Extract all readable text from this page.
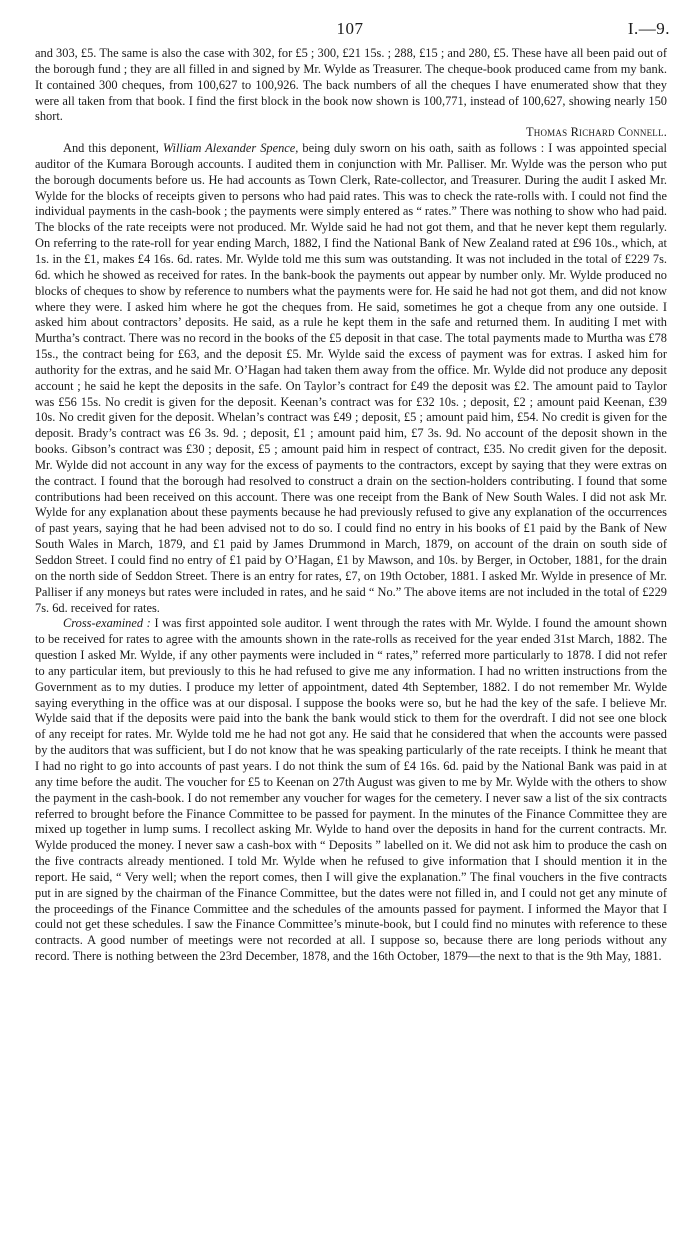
107	I.—9.

and 303, £5. The same is also the case with 302, for £5 ; 300, £21 15s. ; 288, £15 ; and 280, £5. These have all been paid out of the borough fund ; they are all filled in and signed by Mr. Wylde as Treasurer. The cheque-book produced came from my bank. It contained 300 cheques, from 100,627 to 100,926. The back numbers of all the cheques I have enumerated show that they were all taken from that book. I find the first block in the book now shown is 100,771, instead of 100,627, showing nearly 150 short.

Thomas Richard Connell.

And this deponent, William Alexander Spence, being duly sworn on his oath, saith as follows : I was appointed special auditor of the Kumara Borough accounts. I audited them in conjunction with Mr. Palliser. Mr. Wylde was the person who put the borough documents before us. He had accounts as Town Clerk, Rate-collector, and Treasurer. During the audit I asked Mr. Wylde for the blocks of receipts given to persons who had paid rates. This was to check the rate-rolls with. I could not find the individual payments in the cash-book ; the payments were simply entered as “ rates.” There was nothing to show who had paid. The blocks of the rate receipts were not produced. Mr. Wylde said he had not got them, and that he never kept them regularly. On referring to the rate-roll for year ending March, 1882, I find the National Bank of New Zealand rated at £96 10s., which, at 1s. in the £1, makes £4 16s. 6d. rates. Mr. Wylde told me this sum was outstanding. It was not included in the total of £229 7s. 6d. which he showed as received for rates. In the bank-book the payments out appear by number only. Mr. Wylde produced no blocks of cheques to show by reference to numbers what the payments were for. He said he had not got them, and did not know where they were. I asked him where he got the cheques from. He said, sometimes he got a cheque from any one outside. I asked him about contractors’ deposits. He said, as a rule he kept them in the safe and returned them. In auditing I met with Murtha’s contract. There was no record in the books of the £5 deposit in that case. The total payments made to Murtha was £78 15s., the contract being for £63, and the deposit £5. Mr. Wylde said the excess of payment was for extras. I asked him for authority for the extras, and he said Mr. O’Hagan had taken them away from the office. Mr. Wylde did not produce any deposit account ; he said he kept the deposits in the safe. On Taylor’s contract for £49 the deposit was £2. The amount paid to Taylor was £56 15s. No credit is given for the deposit. Keenan’s contract was for £32 10s. ; deposit, £2 ; amount paid Keenan, £39 10s. No credit given for the deposit. Whelan’s contract was £49 ; deposit, £5 ; amount paid him, £54. No credit is given for the deposit. Brady’s contract was £6 3s. 9d. ; deposit, £1 ; amount paid him, £7 3s. 9d. No account of the deposit shown in the books. Gibson’s contract was £30 ; deposit, £5 ; amount paid him in respect of contract, £35. No credit given for the deposit. Mr. Wylde did not account in any way for the excess of payments to the contractors, except by saying that they were extras on the contract. I found that the borough had resolved to construct a drain on the section-holders contributing. I found that some contributions had been received on this account. There was one receipt from the Bank of New South Wales. I did not ask Mr. Wylde for any explanation about these payments because he had previously refused to give any explanation of the occurrences of past years, saying that he had been advised not to do so. I could find no entry in his books of £1 paid by the Bank of New South Wales in March, 1879, and £1 paid by James Drummond in March, 1879, on account of the drain on south side of Seddon Street. I could find no entry of £1 paid by O’Hagan, £1 by Mawson, and 10s. by Berger, in October, 1881, for the drain on the north side of Seddon Street. There is an entry for rates, £7, on 19th October, 1881. I asked Mr. Wylde in presence of Mr. Palliser if any moneys but rates were included in rates, and he said “ No.” The above items are not included in the total of £229 7s. 6d. received for rates.

Cross-examined : I was first appointed sole auditor. I went through the rates with Mr. Wylde. I found the amount shown to be received for rates to agree with the amounts shown in the rate-rolls as received for the year ended 31st March, 1882. The question I asked Mr. Wylde, if any other payments were included in “ rates,” referred more particularly to 1878. I did not refer to any particular item, but previously to this he had refused to give me any information. I had no written instructions from the Government as to my duties. I produce my letter of appointment, dated 4th September, 1882. I do not remember Mr. Wylde saying everything in the office was at our disposal. I suppose the books were so, but he had the key of the safe. I believe Mr. Wylde said that if the deposits were paid into the bank the bank would stick to them for the overdraft. I did not see one block of any receipt for rates. Mr. Wylde told me he had not got any. He said that he considered that when the accounts were passed by the auditors that was sufficient, but I do not know that he was speaking particularly of the rate receipts. I think he meant that I had no right to go into accounts of past years. I do not think the sum of £4 16s. 6d. paid by the National Bank was paid in at any time before the audit. The voucher for £5 to Keenan on 27th August was given to me by Mr. Wylde with the others to show the payment in the cash-book. I do not remember any voucher for wages for the cemetery. I never saw a list of the six contracts referred to brought before the Finance Committee to be passed for payment. In the minutes of the Finance Committee they are mixed up together in lump sums. I recollect asking Mr. Wylde to hand over the deposits in hand for the current contracts. Mr. Wylde produced the money. I never saw a cash-box with “ Deposits ” labelled on it. We did not ask him to produce the cash on the five contracts already mentioned. I told Mr. Wylde when he refused to give information that I should mention it in the report. He said, “ Very well; when the report comes, then I will give the explanation.” The final vouchers in the five contracts put in are signed by the chairman of the Finance Committee, but the dates were not filled in, and I could not get any minute of the proceedings of the Finance Committee and the schedules of the amounts passed for payment. I informed the Mayor that I could not get these schedules. I saw the Finance Committee’s minute-book, but I could find no minutes with reference to these contracts. A good number of meetings were not recorded at all. I suppose so, because there are long periods without any record. There is nothing between the 23rd December, 1878, and the 16th October, 1879—the next to that is the 9th May, 1881.
